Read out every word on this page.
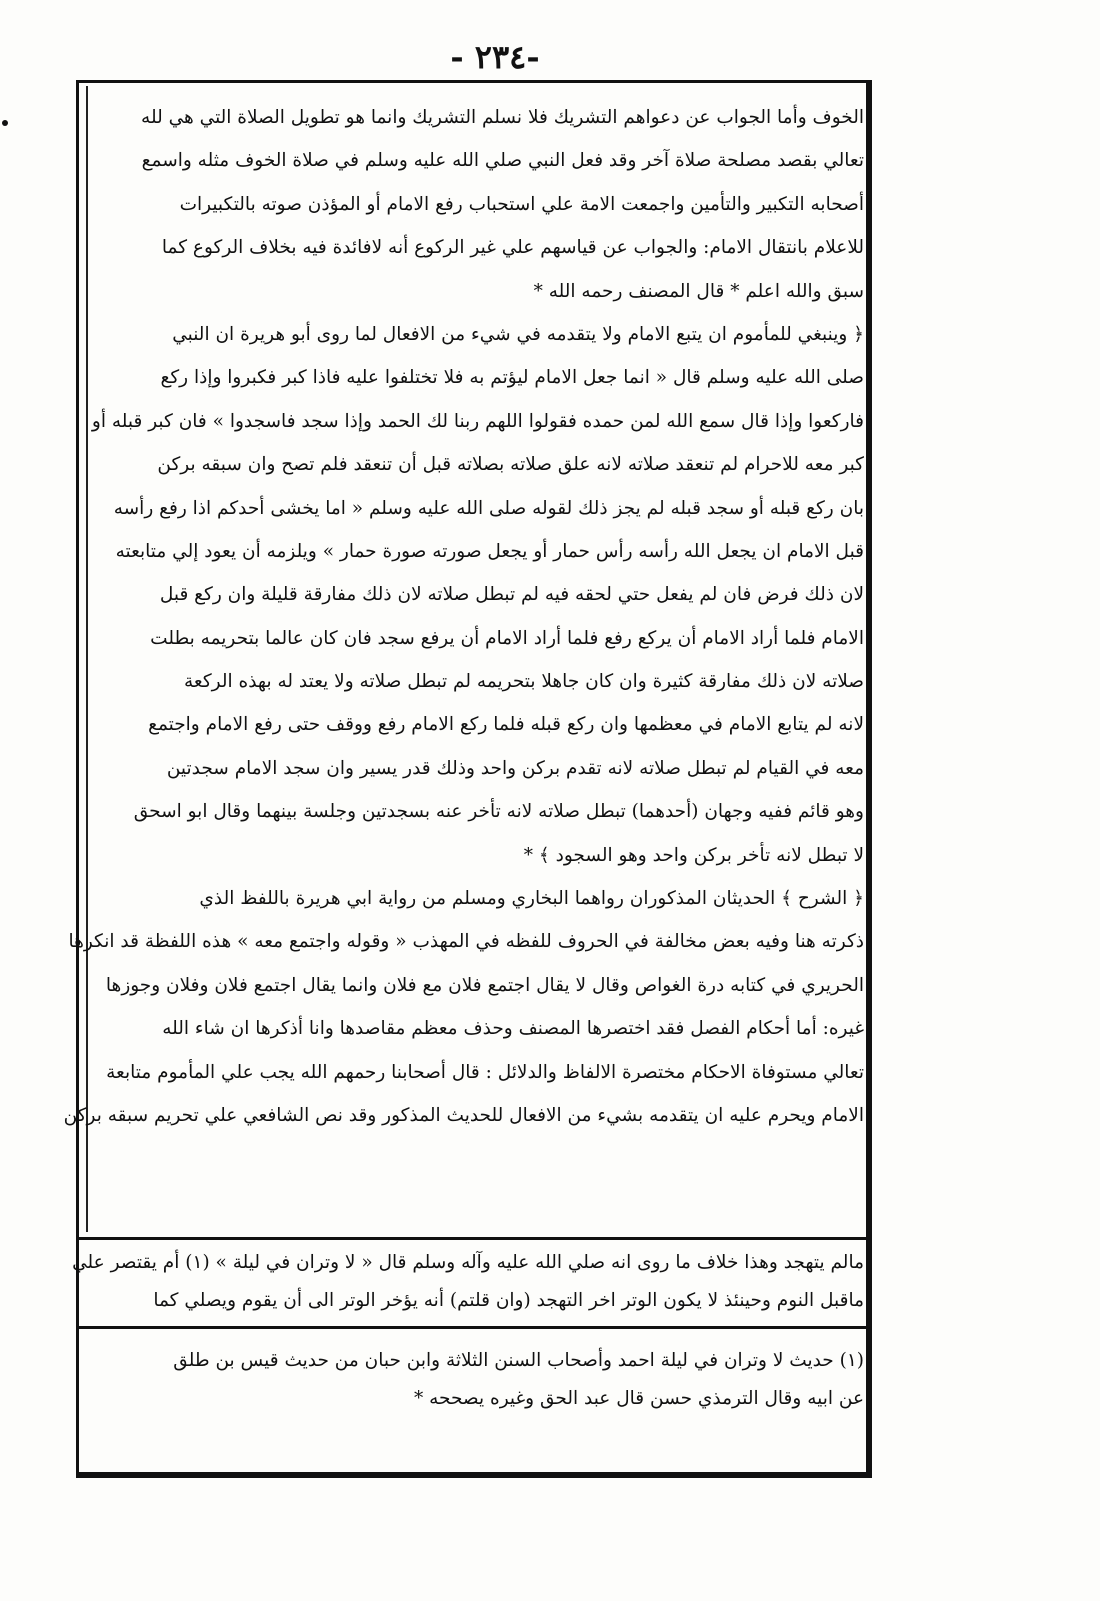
- ٢٣٤-
الخوف وأما الجواب عن دعواهم التشريك فلا نسلم التشريك وانما هو تطويل الصلاة التي هي لله
تعالي بقصد مصلحة صلاة آخر وقد فعل النبي صلي الله عليه وسلم في صلاة الخوف مثله واسمع
أصحابه التكبير والتأمين واجمعت الامة علي استحباب رفع الامام أو المؤذن صوته بالتكبيرات
للاعلام بانتقال الامام: والجواب عن قياسهم علي غير الركوع أنه لافائدة فيه بخلاف الركوع كما
سبق والله اعلم * قال المصنف رحمه الله *
﴿ وينبغي للمأموم ان يتبع الامام ولا يتقدمه في شيء من الافعال لما روى أبو هريرة ان النبي
صلى الله عليه وسلم قال « انما جعل الامام ليؤتم به فلا تختلفوا عليه فاذا كبر فكبروا وإذا ركع
فاركعوا وإذا قال سمع الله لمن حمده فقولوا اللهم ربنا لك الحمد وإذا سجد فاسجدوا » فان كبر قبله أو
كبر معه للاحرام لم تنعقد صلاته لانه علق صلاته بصلاته قبل أن تنعقد فلم تصح وان سبقه بركن
بان ركع قبله أو سجد قبله لم يجز ذلك لقوله صلى الله عليه وسلم « اما يخشى أحدكم اذا رفع رأسه
قبل الامام ان يجعل الله رأسه رأس حمار أو يجعل صورته صورة حمار » ويلزمه أن يعود إلي متابعته
لان ذلك فرض فان لم يفعل حتي لحقه فيه لم تبطل صلاته لان ذلك مفارقة قليلة وان ركع قبل
الامام فلما أراد الامام أن يركع رفع فلما أراد الامام أن يرفع سجد فان كان عالما بتحريمه بطلت
صلاته لان ذلك مفارقة كثيرة وان كان جاهلا بتحريمه لم تبطل صلاته ولا يعتد له بهذه الركعة
لانه لم يتابع الامام في معظمها وان ركع قبله فلما ركع الامام رفع ووقف حتى رفع الامام واجتمع
معه في القيام لم تبطل صلاته لانه تقدم بركن واحد وذلك قدر يسير وان سجد الامام سجدتين
وهو قائم ففيه وجهان (أحدهما) تبطل صلاته لانه تأخر عنه بسجدتين وجلسة بينهما وقال ابو اسحق
لا تبطل لانه تأخر بركن واحد وهو السجود ﴾ *
﴿ الشرح ﴾ الحديثان المذكوران رواهما البخاري ومسلم من رواية ابي هريرة باللفظ الذي
ذكرته هنا وفيه بعض مخالفة في الحروف للفظه في المهذب « وقوله واجتمع معه » هذه اللفظة قد انكرها
الحريري في كتابه درة الغواص وقال لا يقال اجتمع فلان مع فلان وانما يقال اجتمع فلان وفلان وجوزها
غيره: أما أحكام الفصل فقد اختصرها المصنف وحذف معظم مقاصدها وانا أذكرها ان شاء الله
تعالي مستوفاة الاحكام مختصرة الالفاظ والدلائل : قال أصحابنا رحمهم الله يجب علي المأموم متابعة
الامام ويحرم عليه ان يتقدمه بشيء من الافعال للحديث المذكور وقد نص الشافعي علي تحريم سبقه بركن
مالم يتهجد وهذا خلاف ما روى انه صلي الله عليه وآله وسلم قال « لا وتران في ليلة » (١) أم يقتصر علي
ماقبل النوم وحينئذ لا يكون الوتر اخر التهجد (وان قلتم) أنه يؤخر الوتر الى أن يقوم ويصلي كما
(١) حديث لا وتران في ليلة احمد وأصحاب السنن الثلاثة وابن حبان من حديث قيس بن طلق
عن ابيه وقال الترمذي حسن قال عبد الحق وغيره يصححه *
